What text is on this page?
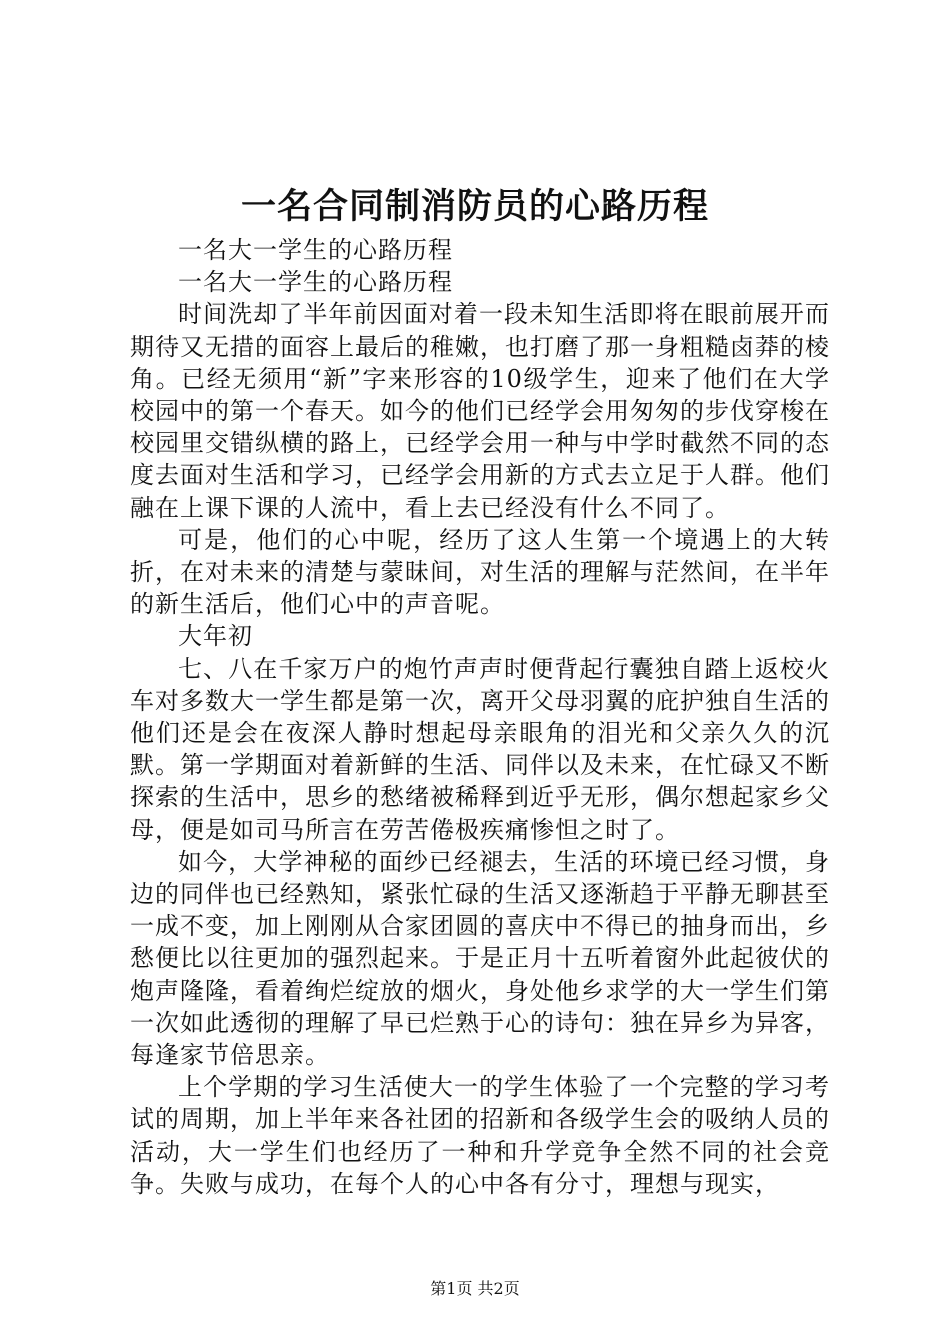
一名合同制消防员的心路历程

一名大一学生的心路历程

一名大一学生的心路历程

时间洗却了半年前因面对着一段未知生活即将在眼前展开而期待又无措的面容上最后的稚嫩，也打磨了那一身粗糙卤莽的棱角。已经无须用“新”字来形容的10级学生，迎来了他们在大学校园中的第一个春天。如今的他们已经学会用匆匆的步伐穿梭在校园里交错纵横的路上，已经学会用一种与中学时截然不同的态度去面对生活和学习，已经学会用新的方式去立足于人群。他们融在上课下课的人流中，看上去已经没有什么不同了。

可是，他们的心中呢，经历了这人生第一个境遇上的大转折，在对未来的清楚与蒙昧间，对生活的理解与茫然间，在半年的新生活后，他们心中的声音呢。

大年初

七、八在千家万户的炮竹声声时便背起行囊独自踏上返校火车对多数大一学生都是第一次，离开父母羽翼的庇护独自生活的他们还是会在夜深人静时想起母亲眼角的泪光和父亲久久的沉默。第一学期面对着新鲜的生活、同伴以及未来，在忙碌又不断探索的生活中，思乡的愁绪被稀释到近乎无形，偶尔想起家乡父母，便是如司马所言在劳苦倦极疾痛惨怛之时了。

如今，大学神秘的面纱已经褪去，生活的环境已经习惯，身边的同伴也已经熟知，紧张忙碌的生活又逐渐趋于平静无聊甚至一成不变，加上刚刚从合家团圆的喜庆中不得已的抽身而出，乡愁便比以往更加的强烈起来。于是正月十五听着窗外此起彼伏的炮声隆隆，看着绚烂绽放的烟火，身处他乡求学的大一学生们第一次如此透彻的理解了早已烂熟于心的诗句：独在异乡为异客，每逢家节倍思亲。

上个学期的学习生活使大一的学生体验了一个完整的学习考试的周期，加上半年来各社团的招新和各级学生会的吸纳人员的活动，大一学生们也经历了一种和升学竞争全然不同的社会竞争。失败与成功，在每个人的心中各有分寸，理想与现实，

第1页 共2页
